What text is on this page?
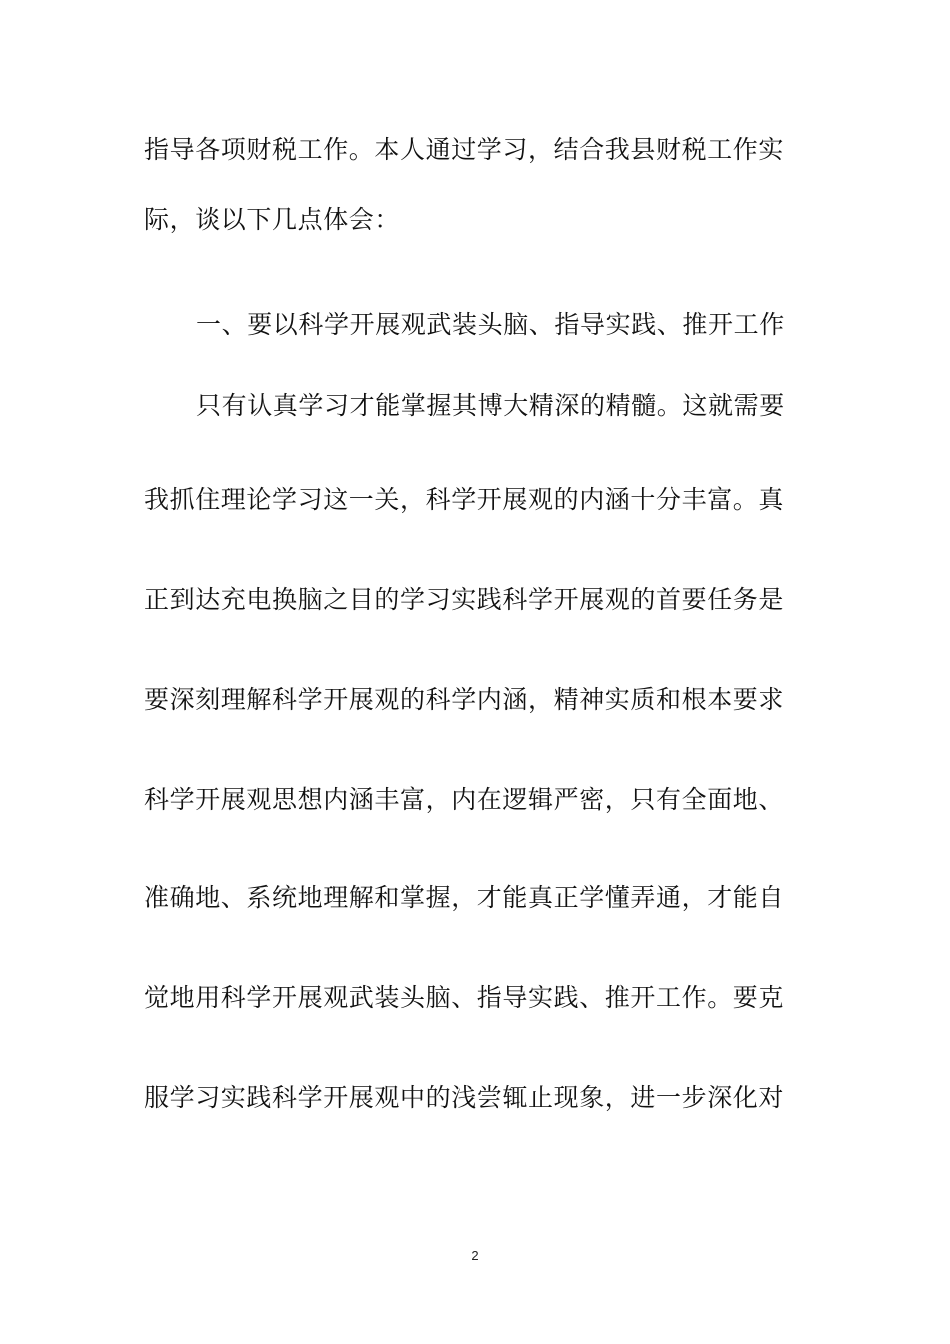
指导各项财税工作。本人通过学习，结合我县财税工作实
际，谈以下几点体会：
一、要以科学开展观武装头脑、指导实践、推开工作
只有认真学习才能掌握其博大精深的精髓。这就需要
我抓住理论学习这一关，科学开展观的内涵十分丰富。真
正到达充电换脑之目的学习实践科学开展观的首要任务是
要深刻理解科学开展观的科学内涵，精神实质和根本要求
科学开展观思想内涵丰富，内在逻辑严密，只有全面地、
准确地、系统地理解和掌握，才能真正学懂弄通，才能自
觉地用科学开展观武装头脑、指导实践、推开工作。要克
服学习实践科学开展观中的浅尝辄止现象，进一步深化对
2
